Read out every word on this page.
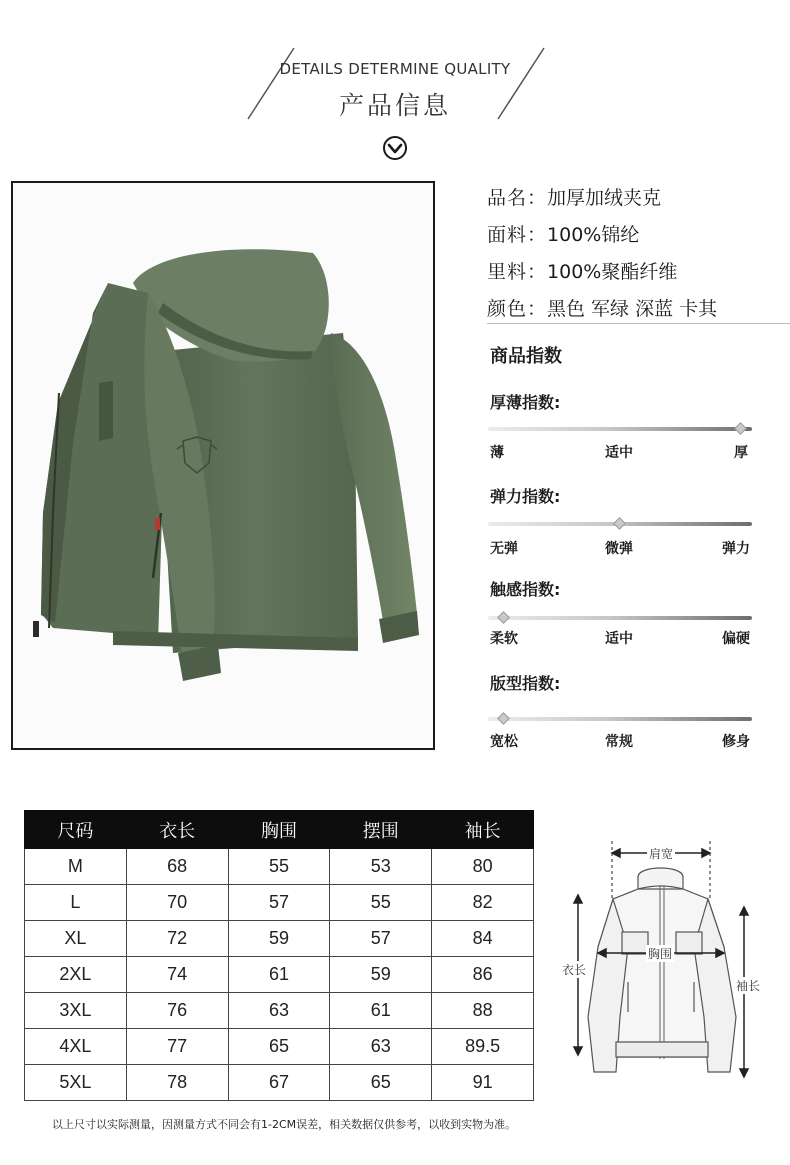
DETAILS DETERMINE QUALITY
产品信息
品名：加厚加绒夹克
面料：100%锦纶
里料：100%聚酯纤维
颜色：黑色 军绿 深蓝 卡其
商品指数
厚薄指数:
薄	适中	厚
弹力指数:
无弹	微弹	弹力
触感指数:
柔软	适中	偏硬
版型指数:
宽松	常规	修身
尺码	衣长	胸围	摆围	袖长
M	68	55	53	80
L	70	57	55	82
XL	72	59	57	84
2XL	74	61	59	86
3XL	76	63	61	88
4XL	77	65	63	89.5
5XL	78	67	65	91
肩宽
胸围
衣长
袖长
以上尺寸以实际测量，因测量方式不同会有1-2CM误差，相关数据仅供参考，以收到实物为准。
